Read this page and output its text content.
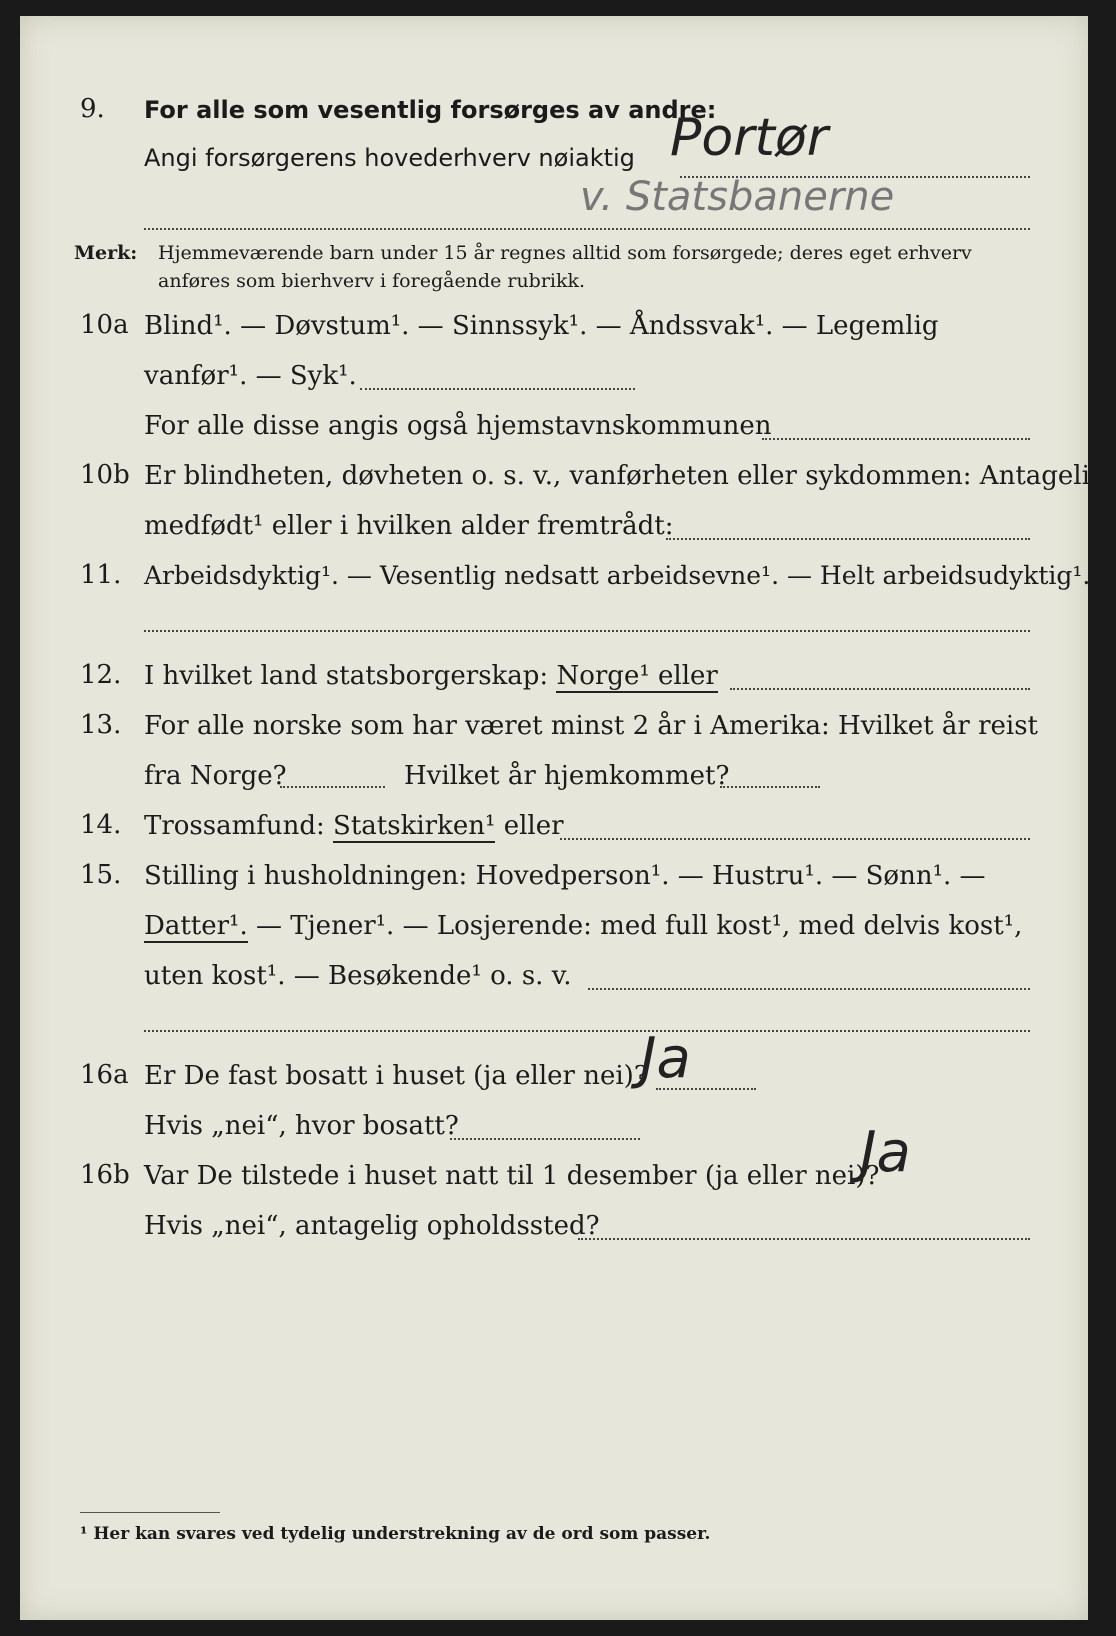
9. For alle som vesentlig forsørges av andre:
Angi forsørgerens hovederhverv nøiaktig Portør
v. Statsbanerne
Merk: Hjemmeværende barn under 15 år regnes alltid som forsørgede; deres eget erhverv
anføres som bierhverv i foregående rubrikk.
10a Blind¹. — Døvstum¹. — Sinnssyk¹. — Åndssvak¹. — Legemlig
vanfør¹. — Syk¹.
For alle disse angis også hjemstavnskommunen
10b Er blindheten, døvheten o. s. v., vanførheten eller sykdommen: Antagelig
medfødt¹ eller i hvilken alder fremtrådt:
11. Arbeidsdyktig¹. — Vesentlig nedsatt arbeidsevne¹. — Helt arbeidsudyktig¹.
12. I hvilket land statsborgerskap: Norge¹ eller
13. For alle norske som har været minst 2 år i Amerika: Hvilket år reist
fra Norge?	Hvilket år hjemkommet?
14. Trossamfund: Statskirken¹ eller
15. Stilling i husholdningen: Hovedperson¹. — Hustru¹. — Sønn¹. —
Datter¹. — Tjener¹. — Losjerende: med full kost¹, med delvis kost¹,
uten kost¹. — Besøkende¹ o. s. v.
16a Er De fast bosatt i huset (ja eller nei)?
Ja
Hvis „nei“, hvor bosatt?
16b Var De tilstede i huset natt til 1 desember (ja eller nei)?
Ja
Hvis „nei“, antagelig opholdssted?
¹ Her kan svares ved tydelig understrekning av de ord som passer.
